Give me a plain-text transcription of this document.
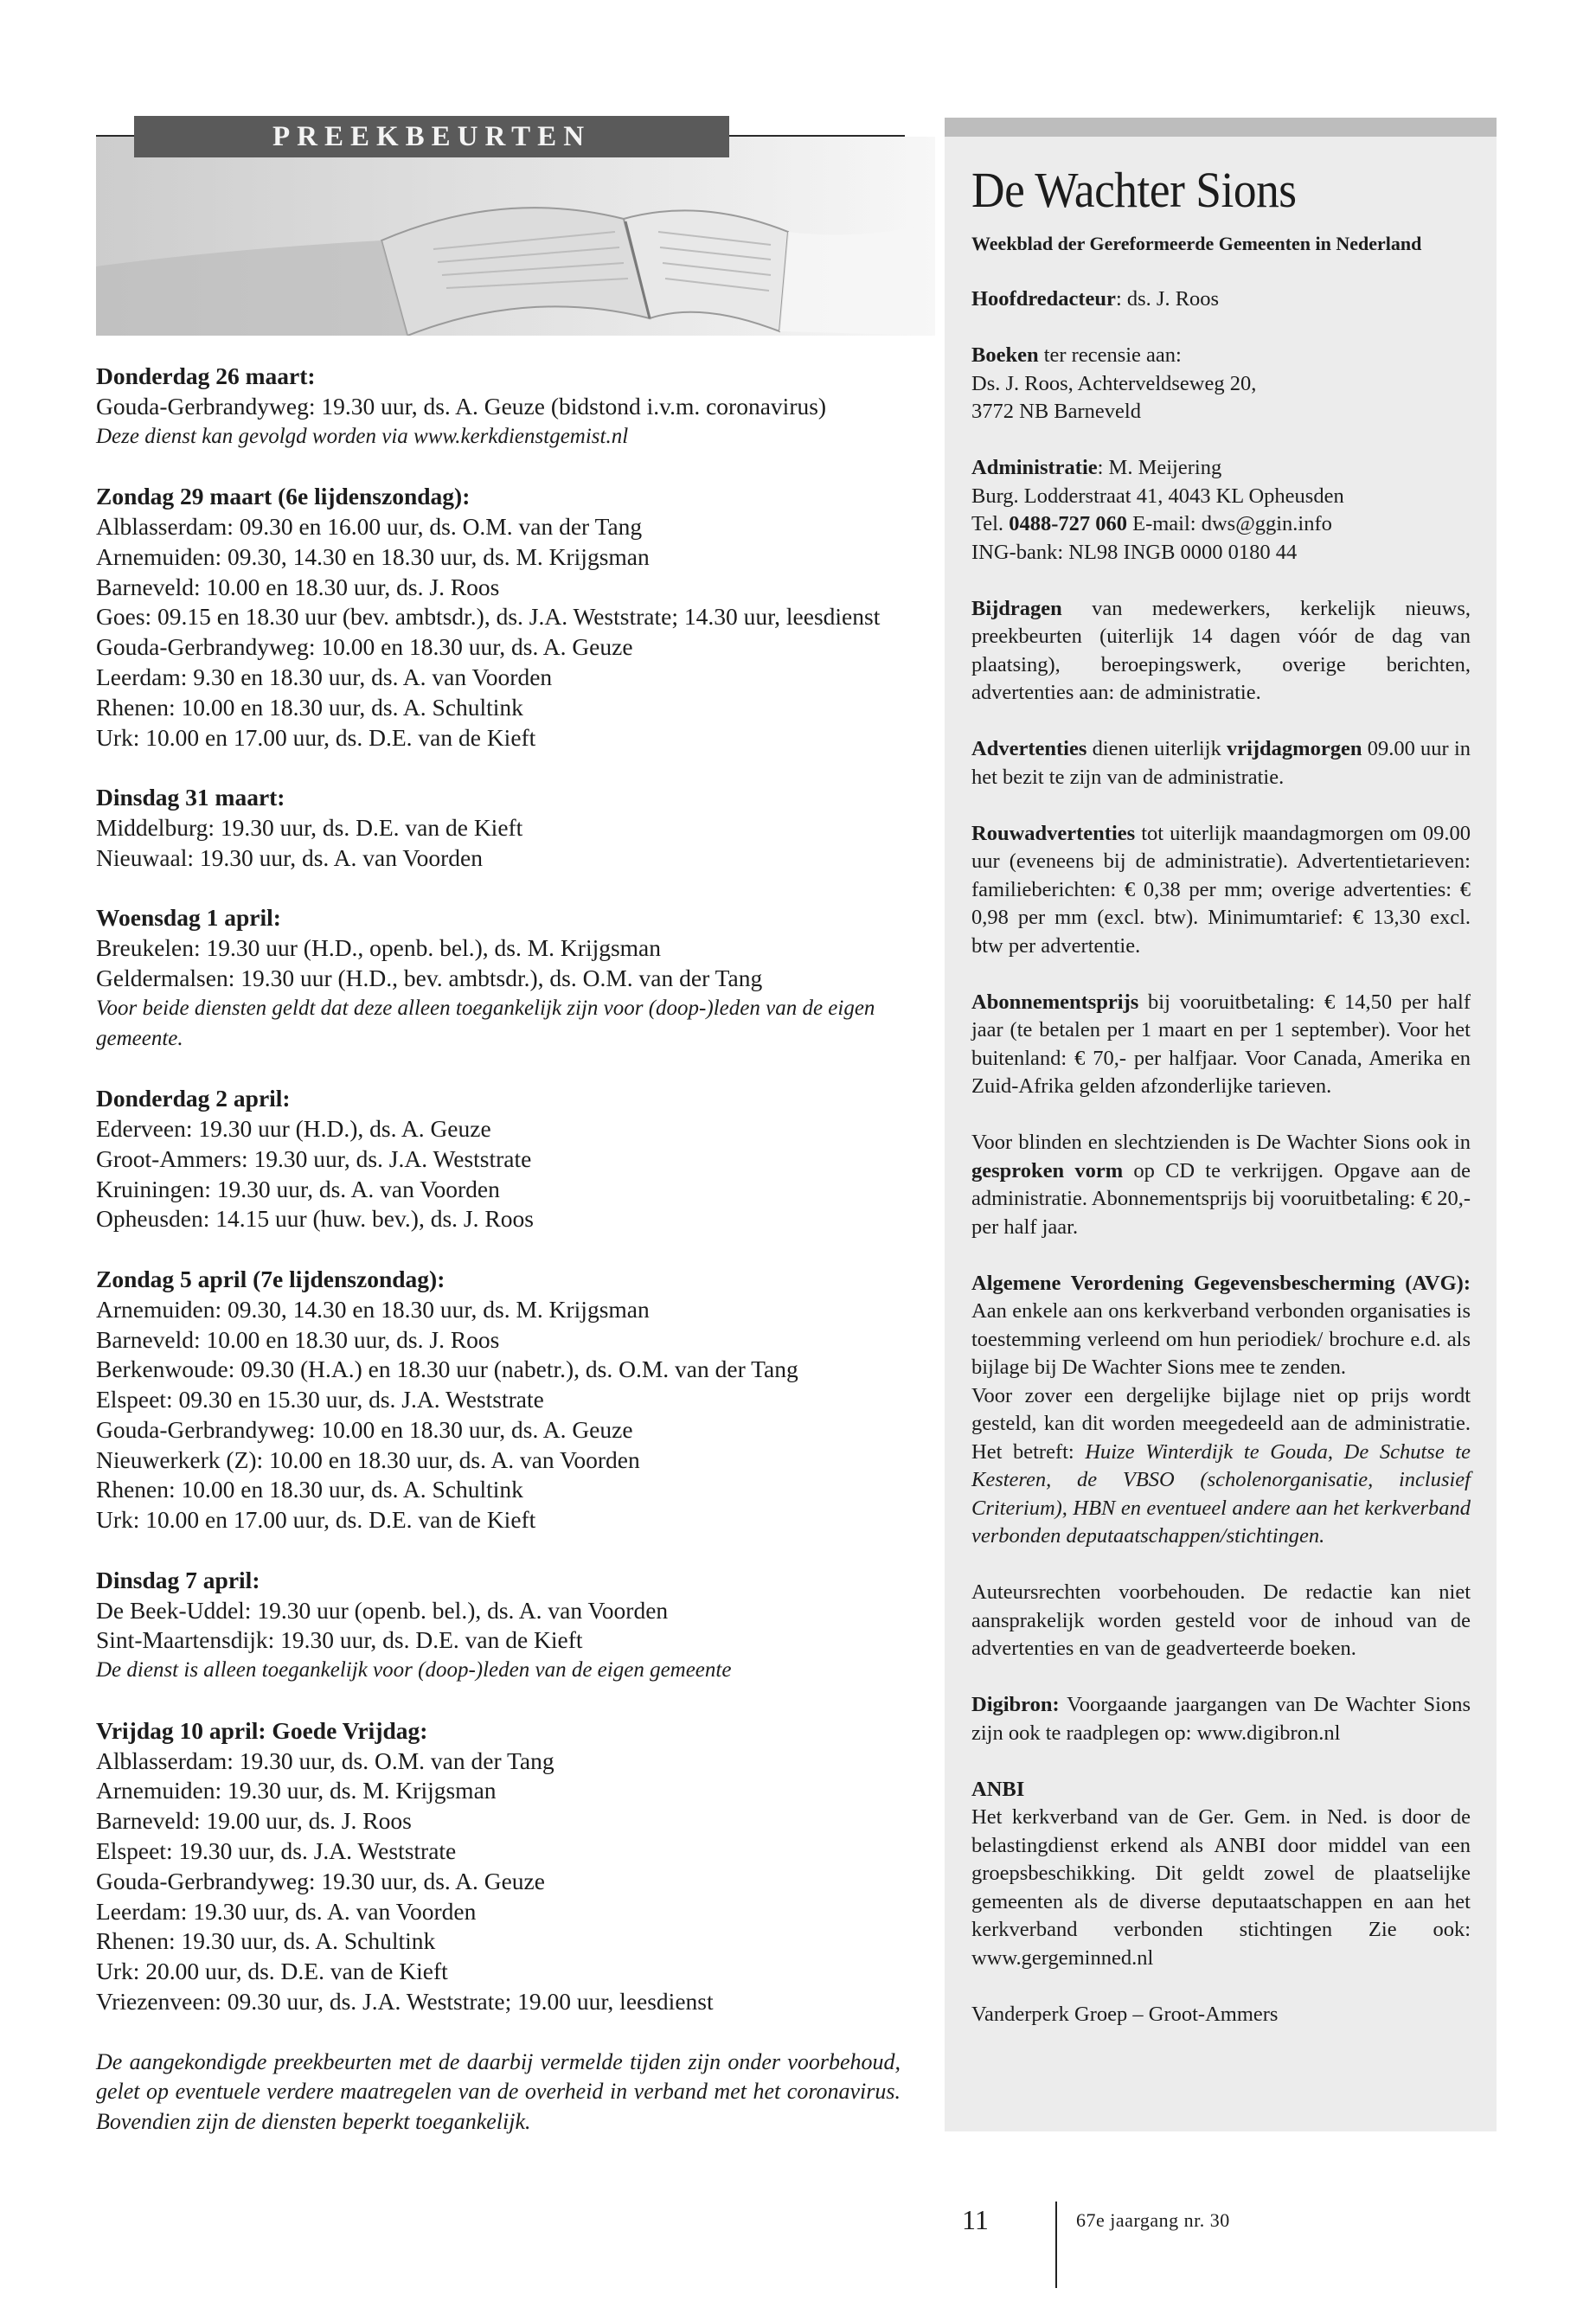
PREEKBEURTEN
Donderdag 26 maart:
Gouda-Gerbrandyweg: 19.30 uur, ds. A. Geuze (bidstond i.v.m. coronavirus)
Deze dienst kan gevolgd worden via www.kerkdienstgemist.nl
Zondag 29 maart (6e lijdenszondag):
Alblasserdam: 09.30 en 16.00 uur, ds. O.M. van der Tang
Arnemuiden: 09.30, 14.30 en 18.30 uur, ds. M. Krijgsman
Barneveld: 10.00 en 18.30 uur, ds. J. Roos
Goes: 09.15 en 18.30 uur (bev. ambtsdr.), ds. J.A. Weststrate; 14.30 uur, leesdienst
Gouda-Gerbrandyweg: 10.00 en 18.30 uur, ds. A. Geuze
Leerdam: 9.30 en 18.30 uur, ds. A. van Voorden
Rhenen: 10.00 en 18.30 uur, ds. A. Schultink
Urk: 10.00 en 17.00 uur, ds. D.E. van de Kieft
Dinsdag 31 maart:
Middelburg: 19.30 uur, ds. D.E. van de Kieft
Nieuwaal: 19.30 uur, ds. A. van Voorden
Woensdag 1 april:
Breukelen: 19.30 uur (H.D., openb. bel.), ds. M. Krijgsman
Geldermalsen: 19.30 uur (H.D., bev. ambtsdr.), ds. O.M. van der Tang
Voor beide diensten geldt dat deze alleen toegankelijk zijn voor (doop-)leden van de eigen gemeente.
Donderdag 2 april:
Ederveen: 19.30 uur (H.D.), ds. A. Geuze
Groot-Ammers: 19.30 uur, ds. J.A. Weststrate
Kruiningen: 19.30 uur, ds. A. van Voorden
Opheusden: 14.15 uur (huw. bev.), ds. J. Roos
Zondag 5 april (7e lijdenszondag):
Arnemuiden: 09.30, 14.30 en 18.30 uur, ds. M. Krijgsman
Barneveld: 10.00 en 18.30 uur, ds. J. Roos
Berkenwoude: 09.30 (H.A.) en 18.30 uur (nabetr.), ds. O.M. van der Tang
Elspeet: 09.30 en 15.30 uur, ds. J.A. Weststrate
Gouda-Gerbrandyweg: 10.00 en 18.30 uur, ds. A. Geuze
Nieuwerkerk (Z): 10.00 en 18.30 uur, ds. A. van Voorden
Rhenen: 10.00 en 18.30 uur, ds. A. Schultink
Urk: 10.00 en 17.00 uur, ds. D.E. van de Kieft
Dinsdag 7 april:
De Beek-Uddel: 19.30 uur (openb. bel.), ds. A. van Voorden
Sint-Maartensdijk: 19.30 uur, ds. D.E. van de Kieft
De dienst is alleen toegankelijk voor (doop-)leden van de eigen gemeente
Vrijdag 10 april: Goede Vrijdag:
Alblasserdam: 19.30 uur, ds. O.M. van der Tang
Arnemuiden: 19.30 uur, ds. M. Krijgsman
Barneveld: 19.00 uur, ds. J. Roos
Elspeet: 19.30 uur, ds. J.A. Weststrate
Gouda-Gerbrandyweg: 19.30 uur, ds. A. Geuze
Leerdam: 19.30 uur, ds. A. van Voorden
Rhenen: 19.30 uur, ds. A. Schultink
Urk: 20.00 uur, ds. D.E. van de Kieft
Vriezenveen: 09.30 uur, ds. J.A. Weststrate; 19.00 uur, leesdienst
De aangekondigde preekbeurten met de daarbij vermelde tijden zijn onder voorbehoud, gelet op eventuele verdere maatregelen van de overheid in verband met het coronavirus. Bovendien zijn de diensten beperkt toegankelijk.
De Wachter Sions
Weekblad der Gereformeerde Gemeenten in Nederland
Hoofdredacteur: ds. J. Roos
Boeken ter recensie aan:
Ds. J. Roos, Achterveldseweg 20,
3772 NB Barneveld
Administratie: M. Meijering
Burg. Lodderstraat 41, 4043 KL Opheusden
Tel. 0488-727 060 E-mail: dws@ggin.info
ING-bank: NL98 INGB 0000 0180 44
Bijdragen van medewerkers, kerkelijk nieuws, preekbeurten (uiterlijk 14 dagen vóór de dag van plaatsing), beroepingswerk, overige berichten, advertenties aan: de administratie.
Advertenties dienen uiterlijk vrijdagmorgen 09.00 uur in het bezit te zijn van de administratie.
Rouwadvertenties tot uiterlijk maandagmorgen om 09.00 uur (eveneens bij de administratie). Advertentietarieven: familieberichten: € 0,38 per mm; overige advertenties: € 0,98 per mm (excl. btw). Minimumtarief: € 13,30 excl. btw per advertentie.
Abonnementsprijs bij vooruitbetaling: € 14,50 per half jaar (te betalen per 1 maart en per 1 september). Voor het buitenland: € 70,- per halfjaar. Voor Canada, Amerika en Zuid-Afrika gelden afzonderlijke tarieven.
Voor blinden en slechtzienden is De Wachter Sions ook in gesproken vorm op CD te verkrijgen. Opgave aan de administratie. Abonnementsprijs bij vooruitbetaling: € 20,- per half jaar.
Algemene Verordening Gegevensbescherming (AVG): Aan enkele aan ons kerkverband verbonden organisaties is toestemming verleend om hun periodiek/ brochure e.d. als bijlage bij De Wachter Sions mee te zenden.
Voor zover een dergelijke bijlage niet op prijs wordt gesteld, kan dit worden meegedeeld aan de administratie. Het betreft: Huize Winterdijk te Gouda, De Schutse te Kesteren, de VBSO (scholenorganisatie, inclusief Criterium), HBN en eventueel andere aan het kerkverband verbonden deputaatschappen/stichtingen.
Auteursrechten voorbehouden. De redactie kan niet aansprakelijk worden gesteld voor de inhoud van de advertenties en van de geadverteerde boeken.
Digibron: Voorgaande jaargangen van De Wachter Sions zijn ook te raadplegen op: www.digibron.nl
ANBI
Het kerkverband van de Ger. Gem. in Ned. is door de belastingdienst erkend als ANBI door middel van een groepsbeschikking. Dit geldt zowel de plaatselijke gemeenten als de diverse deputaatschappen en aan het kerkverband verbonden stichtingen Zie ook: www.gergeminned.nl
Vanderperk Groep – Groot-Ammers
11	67e jaargang nr. 30
